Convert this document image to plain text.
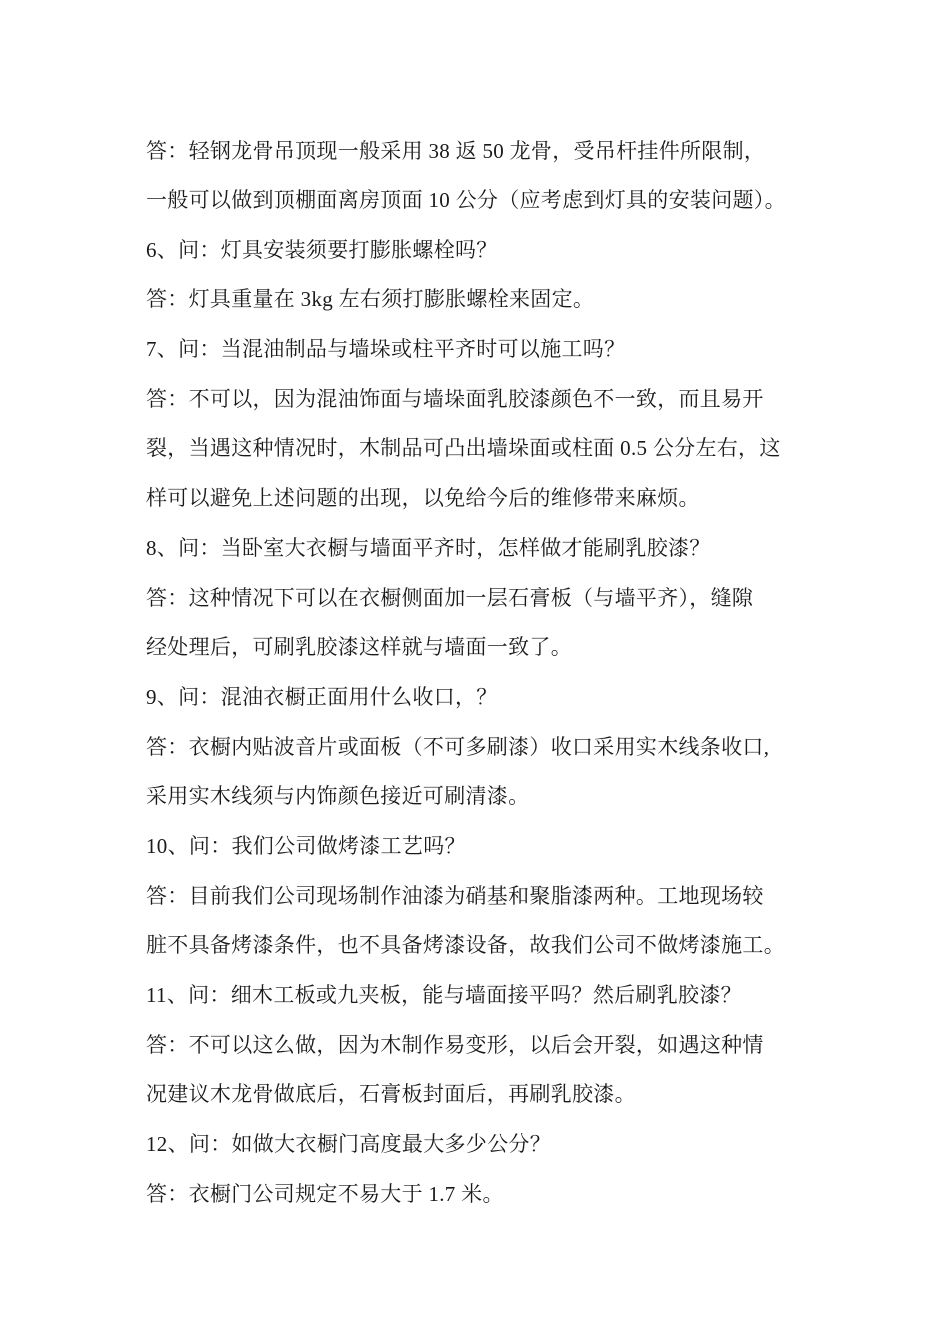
答：轻钢龙骨吊顶现一般采用 38 返 50 龙骨，受吊杆挂件所限制，
一般可以做到顶棚面离房顶面 10 公分（应考虑到灯具的安装问题）。
6、问：灯具安装须要打膨胀螺栓吗？
答：灯具重量在 3kg 左右须打膨胀螺栓来固定。
7、问：当混油制品与墙垛或柱平齐时可以施工吗？
答：不可以，因为混油饰面与墙垛面乳胶漆颜色不一致，而且易开
裂，当遇这种情况时，木制品可凸出墙垛面或柱面 0.5 公分左右，这
样可以避免上述问题的出现，以免给今后的维修带来麻烦。
8、问：当卧室大衣橱与墙面平齐时，怎样做才能刷乳胶漆？
答：这种情况下可以在衣橱侧面加一层石膏板（与墙平齐），缝隙
经处理后，可刷乳胶漆这样就与墙面一致了。
9、问：混油衣橱正面用什么收口，？
答：衣橱内贴波音片或面板（不可多刷漆）收口采用实木线条收口,
采用实木线须与内饰颜色接近可刷清漆。
10、问：我们公司做烤漆工艺吗？
答：目前我们公司现场制作油漆为硝基和聚脂漆两种。工地现场较
脏不具备烤漆条件，也不具备烤漆设备，故我们公司不做烤漆施工。
11、问：细木工板或九夹板，能与墙面接平吗？然后刷乳胶漆？
答：不可以这么做，因为木制作易变形，以后会开裂，如遇这种情
况建议木龙骨做底后，石膏板封面后，再刷乳胶漆。
12、问：如做大衣橱门高度最大多少公分？
答：衣橱门公司规定不易大于 1.7 米。
